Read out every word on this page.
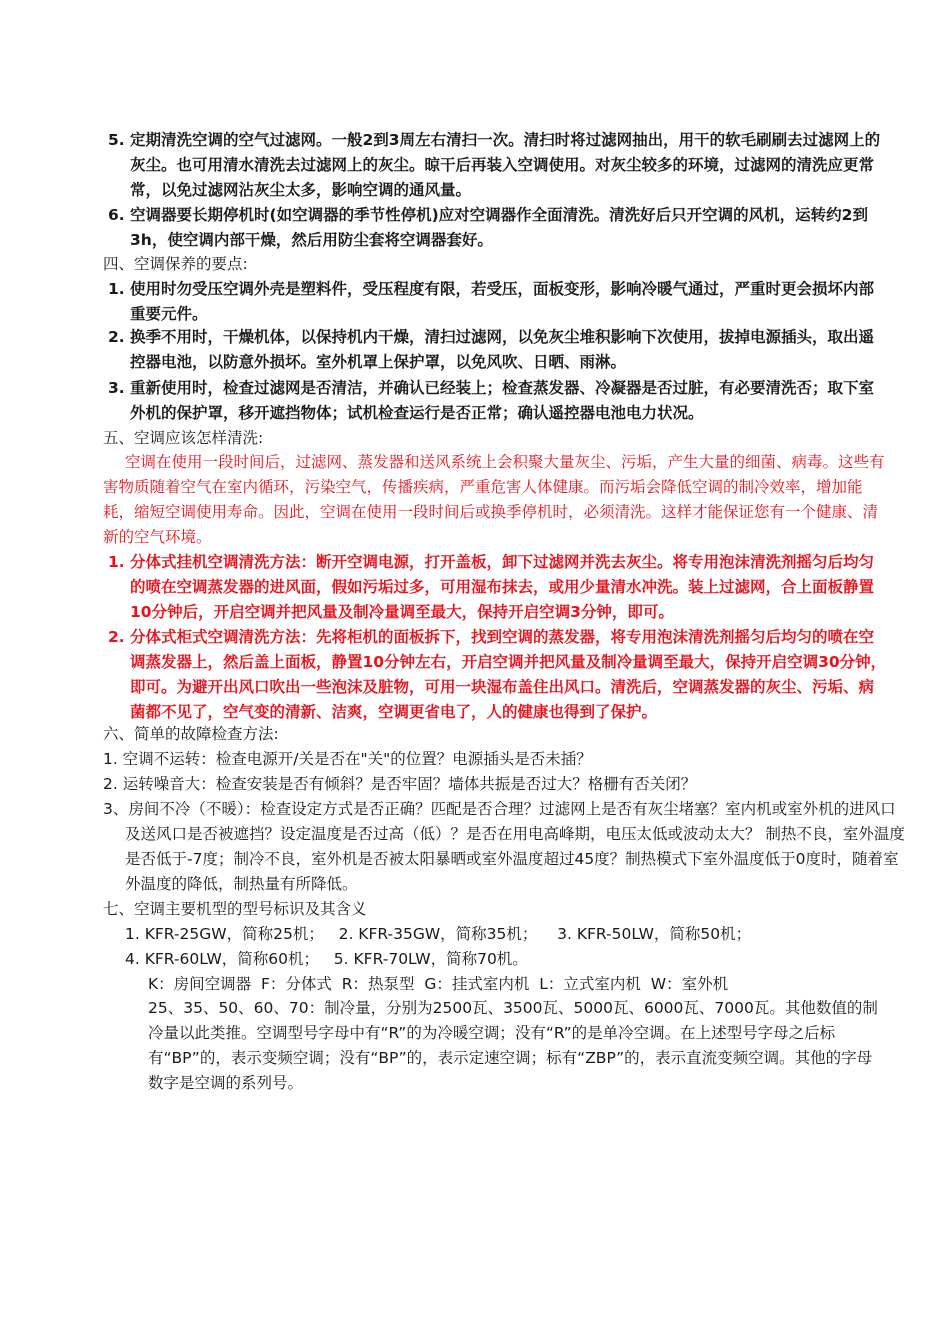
5. 定期清洗空调的空气过滤网。一般2到3周左右清扫一次。清扫时将过滤网抽出，用干的软毛刷刷去过滤网上的灰尘。也可用清水清洗去过滤网上的灰尘。晾干后再装入空调使用。对灰尘较多的环境，过滤网的清洗应更常常，以免过滤网沾灰尘太多，影响空调的通风量。

6. 空调器要长期停机时(如空调器的季节性停机)应对空调器作全面清洗。清洗好后只开空调的风机，运转约2到3h，使空调内部干燥，然后用防尘套将空调器套好。

四、空调保养的要点:
1. 使用时勿受压空调外壳是塑料件，受压程度有限，若受压，面板变形，影响冷暖气通过，严重时更会损坏内部重要元件。

2. 换季不用时，干燥机体，以保持机内干燥，清扫过滤网，以免灰尘堆积影响下次使用，拔掉电源插头，取出遥控器电池，以防意外损坏。室外机罩上保护罩，以免风吹、日晒、雨淋。

3. 重新使用时，检查过滤网是否清洁，并确认已经装上；检查蒸发器、冷凝器是否过脏，有必要清洗否；取下室外机的保护罩，移开遮挡物体；试机检查运行是否正常；确认遥控器电池电力状况。

五、空调应该怎样清洗:

空调在使用一段时间后，过滤网、蒸发器和送风系统上会积聚大量灰尘、污垢，产生大量的细菌、病毒。这些有害物质随着空气在室内循环，污染空气，传播疾病，严重危害人体健康。而污垢会降低空调的制冷效率，增加能耗，缩短空调使用寿命。因此，空调在使用一段时间后或换季停机时，必须清洗。这样才能保证您有一个健康、清新的空气环境。

1. 分体式挂机空调清洗方法：断开空调电源，打开盖板，卸下过滤网并洗去灰尘。将专用泡沫清洗剂摇匀后均匀的喷在空调蒸发器的进风面，假如污垢过多，可用湿布抹去，或用少量清水冲洗。装上过滤网，合上面板静置10分钟后，开启空调并把风量及制冷量调至最大，保持开启空调3分钟，即可。

2. 分体式柜式空调清洗方法：先将柜机的面板拆下，找到空调的蒸发器，将专用泡沫清洗剂摇匀后均匀的喷在空调蒸发器上，然后盖上面板，静置10分钟左右，开启空调并把风量及制冷量调至最大，保持开启空调30分钟，即可。为避开出风口吹出一些泡沫及脏物，可用一块湿布盖住出风口。清洗后，空调蒸发器的灰尘、污垢、病菌都不见了，空气变的清新、洁爽，空调更省电了，人的健康也得到了保护。

六、简单的故障检查方法:
1. 空调不运转：检查电源开/关是否在"关"的位置？电源插头是否未插？
2. 运转噪音大：检查安装是否有倾斜？是否牢固？墙体共振是否过大？格栅有否关闭？

3、房间不冷（不暖）：检查设定方式是否正确？匹配是否合理？过滤网上是否有灰尘堵塞？室内机或室外机的进风口及送风口是否被遮挡？设定温度是否过高（低）？是否在用电高峰期，电压太低或波动太大？ 制热不良，室外温度是否低于-7度；制冷不良，室外机是否被太阳暴晒或室外温度超过45度？制热模式下室外温度低于0度时，随着室外温度的降低，制热量有所降低。

七、空调主要机型的型号标识及其含义
1. KFR-25GW，简称25机；   2. KFR-35GW，简称35机；    3. KFR-50LW，简称50机；
4. KFR-60LW，简称60机；   5. KFR-70LW，简称70机。
K：房间空调器  F：分体式  R：热泵型  G：挂式室内机  L：立式室内机  W：室外机

25、35、50、60、70：制冷量，分别为2500瓦、3500瓦、5000瓦、6000瓦、7000瓦。其他数值的制冷量以此类推。空调型号字母中有“R”的为冷暖空调；没有“R”的是单冷空调。在上述型号字母之后标有“BP”的，表示变频空调；没有“BP”的，表示定速空调；标有“ZBP”的，表示直流变频空调。其他的字母数字是空调的系列号。
